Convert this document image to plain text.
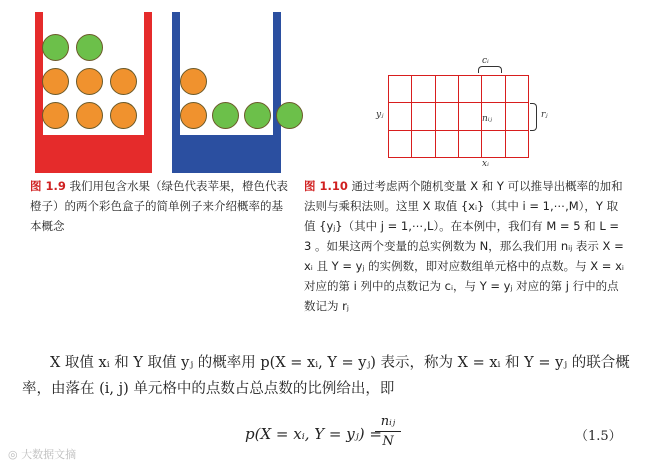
图 1.9 我们用包含水果（绿色代表苹果，橙色代表橙子）的两个彩色盒子的简单例子来介绍概率的基本概念
cᵢ
yⱼ	nᵢⱼ	rⱼ
xᵢ
图 1.10 通过考虑两个随机变量 X 和 Y 可以推导出概率的加和法则与乘积法则。这里 X 取值 {xᵢ}（其中 i = 1,⋯,M），Y 取值 {yⱼ}（其中 j = 1,⋯,L）。在本例中，我们有 M = 5 和 L = 3 。如果这两个变量的总实例数为 N，那么我们用 nᵢⱼ 表示 X = xᵢ 且 Y = yⱼ 的实例数，即对应数组单元格中的点数。与 X = xᵢ 对应的第 i 列中的点数记为 cᵢ，与 Y = yⱼ 对应的第 j 行中的点数记为 rⱼ
X 取值 xᵢ 和 Y 取值 yⱼ 的概率用 p(X = xᵢ, Y = yⱼ) 表示，称为 X = xᵢ 和 Y = yⱼ 的联合概率，由落在 (i, j) 单元格中的点数占总点数的比例给出，即
p(X = xᵢ, Y = yⱼ) =
nᵢⱼ
N	（1.5）
◎ 大数据文摘
